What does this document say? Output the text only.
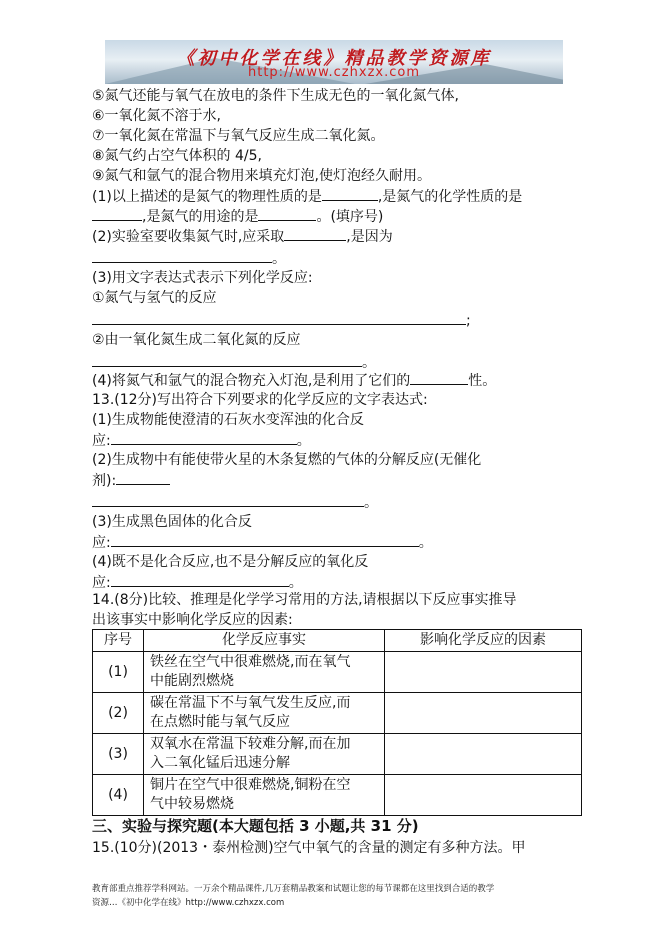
《初中化学在线》精品教学资源库
http://www.czhxzx.com
⑤氮气还能与氧气在放电的条件下生成无色的一氧化氮气体,
⑥一氧化氮不溶于水,
⑦一氧化氮在常温下与氧气反应生成二氧化氮。
⑧氮气约占空气体积的 4/5,
⑨氮气和氩气的混合物用来填充灯泡,使灯泡经久耐用。
(1)以上描述的是氮气的物理性质的是	,是氮气的化学性质的是
,是氮气的用途的是	。(填序号)
(2)实验室要收集氮气时,应采取	,是因为
。
(3)用文字表达式表示下列化学反应:
①氮气与氢气的反应
;
②由一氧化氮生成二氧化氮的反应
。
(4)将氮气和氩气的混合物充入灯泡,是利用了它们的	性。
13.(12分)写出符合下列要求的化学反应的文字表达式:
(1)生成物能使澄清的石灰水变浑浊的化合反
应:	。
(2)生成物中有能使带火星的木条复燃的气体的分解反应(无催化
剂):
。
(3)生成黑色固体的化合反
应:	。
(4)既不是化合反应,也不是分解反应的氧化反
应:	。
14.(8分)比较、推理是化学学习常用的方法,请根据以下反应事实推导
出该事实中影响化学反应的因素:
序号	化学反应事实	影响化学反应的因素
(1)	铁丝在空气中很难燃烧,而在氧气
中能剧烈燃烧	
(2)	碳在常温下不与氧气发生反应,而
在点燃时能与氧气反应	
(3)	双氧水在常温下较难分解,而在加
入二氧化锰后迅速分解	
(4)	铜片在空气中很难燃烧,铜粉在空
气中较易燃烧	
三、实验与探究题(本大题包括 3 小题,共 31 分)
15.(10分)(2013・泰州检测)空气中氧气的含量的测定有多种方法。甲
教育部重点推荐学科网站。一万余个精品课件,几万套精品教案和试题让您的每节课都在这里找到合适的教学
资源…《初中化学在线》http://www.czhxzx.com
